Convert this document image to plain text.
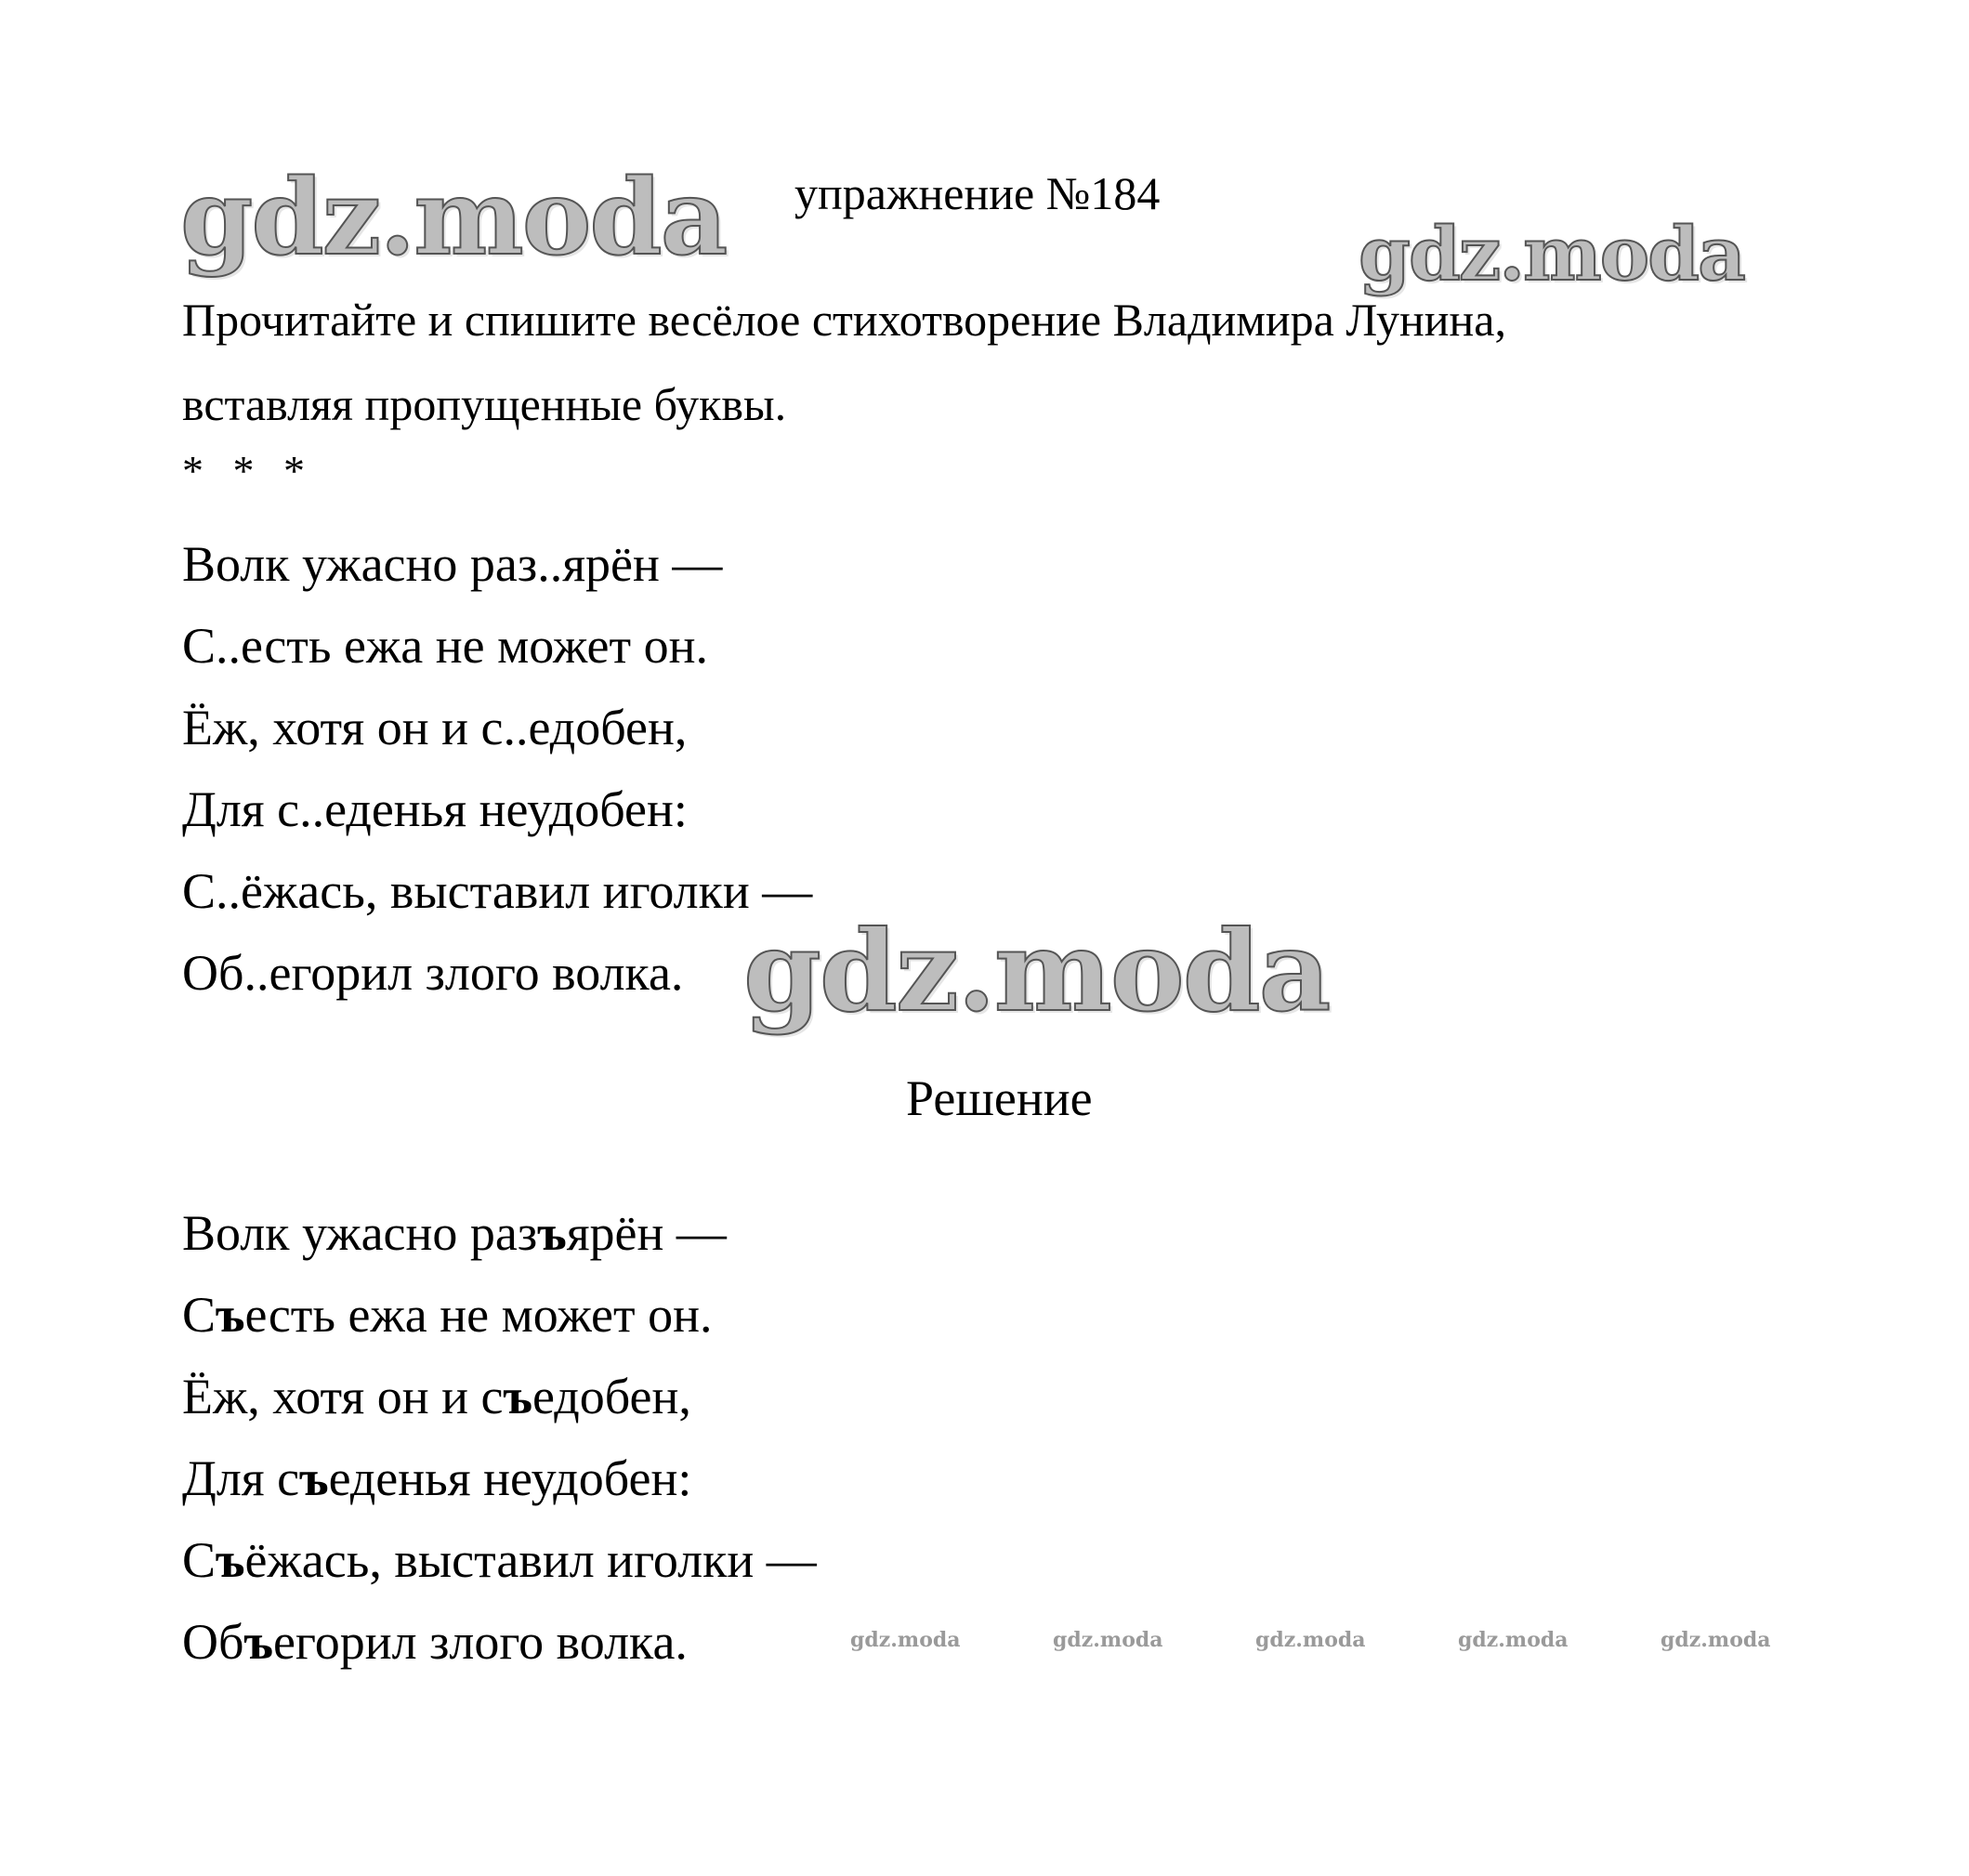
gdz.moda	gdz.moda
gdz.moda
упражнение №184
Прочитайте и спишите весёлое стихотворение Владимира Лунина,
вставляя пропущенные буквы.
* * *
Волк ужасно раз..ярён —
С..есть ежа не может он.
Ёж, хотя он и с..едобен,
Для с..еденья неудобен:
С..ёжась, выставил иголки —
Об..егорил злого волка.
Решение
Волк ужасно разъярён —
Съесть ежа не может он.
Ёж, хотя он и съедобен,
Для съеденья неудобен:
Съёжась, выставил иголки —
Объегорил злого волка.	gdz.moda	gdz.moda	gdz.moda	gdz.moda	gdz.moda
